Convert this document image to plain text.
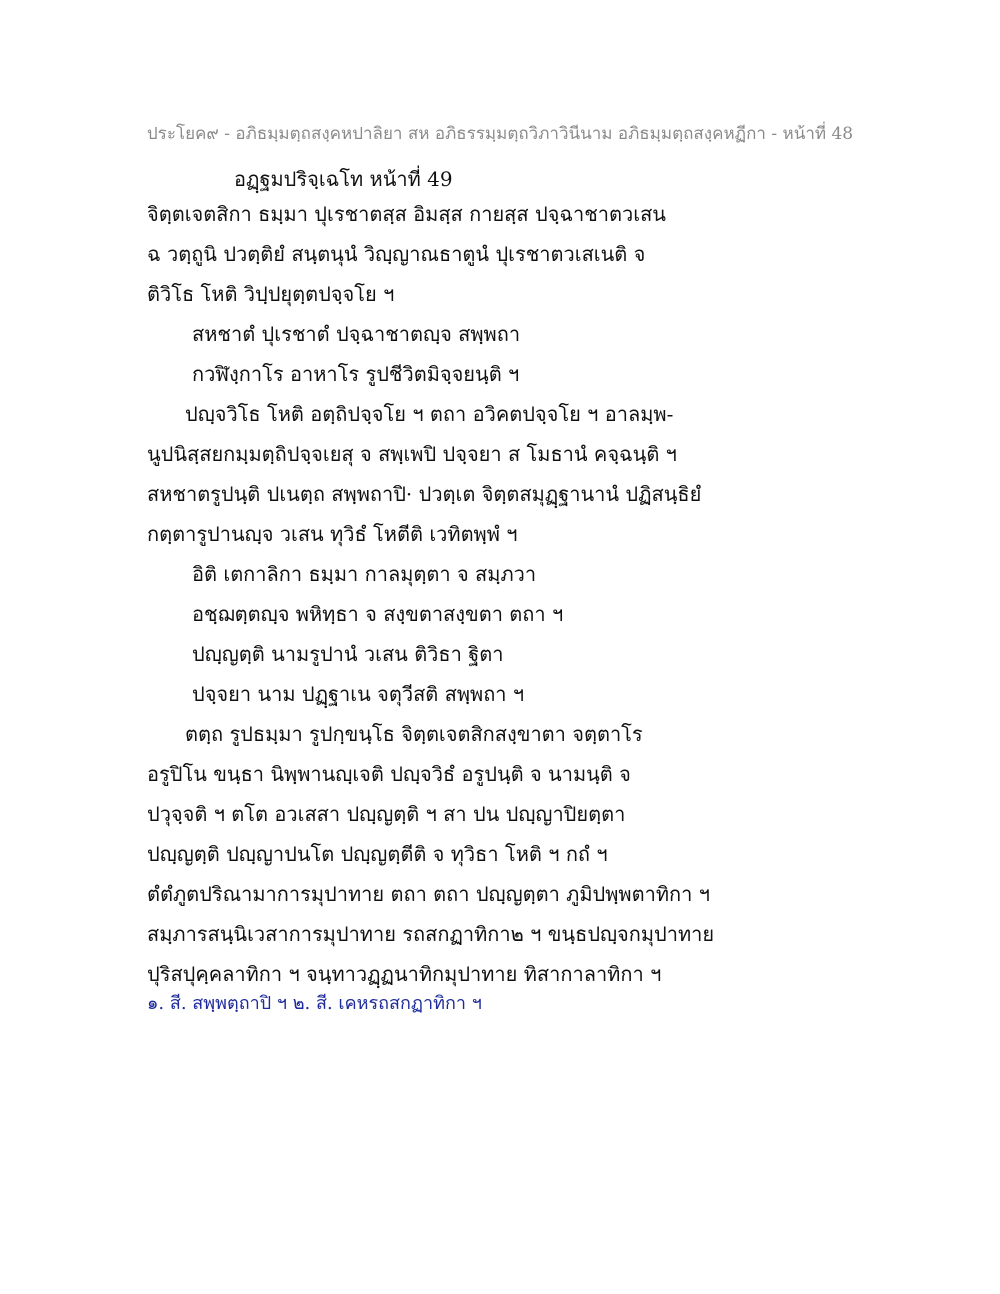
ประโยค๙ - อภิธมฺมตฺถสงฺคหปาลิยา สห อภิธรรมฺมตฺถวิภาวินีนาม อภิธมฺมตฺถสงฺคหฏีกา - หน้าที่ 48
อฏฺฐมปริจฺเฉโท หน้าที่ 49
จิตฺตเจตสิกา ธมฺมา ปุเรชาตสฺส อิมสฺส กายสฺส ปจฺฉาชาตวเสน
ฉ วตฺถูนิ ปวตฺติยํ สนฺตนุนํ วิญฺญาณธาตูนํ ปุเรชาตวเสเนติ จ
ติวิโธ โหติ วิปฺปยุตฺตปจฺจโย ฯ
สหชาตํ ปุเรชาตํ ปจฺฉาชาตญฺจ สพฺพถา
กวฬิงฺกาโร อาหาโร รูปชีวิตมิจฺจยนฺติ ฯ
ปญฺจวิโธ โหติ อตฺถิปจฺจโย ฯ ตถา อวิคตปจฺจโย ฯ อาลมฺพ-
นูปนิสฺสยกมฺมตฺถิปจฺจเยสุ จ สพฺเพปิ ปจฺจยา ส โมธานํ คจฺฉนฺติ ฯ
สหชาตรูปนฺติ ปเนตฺถ สพฺพถาปิ· ปวตฺเต จิตฺตสมุฏฺฐานานํ ปฏิสนฺธิยํ
กตฺตารูปานญฺจ วเสน ทุวิธํ โหตีติ เวทิตพฺพํ ฯ
อิติ เตกาลิกา ธมฺมา กาลมุตฺตา จ สมฺภวา
อชฺฌตฺตญฺจ พหิทฺธา จ สงฺขตาสงฺขตา ตถา ฯ
ปญฺญตฺติ นามรูปานํ วเสน ติวิธา ฐิตา
ปจฺจยา นาม ปฏฺฐาเน จตุวีสติ สพฺพถา ฯ
ตตฺถ รูปธมฺมา รูปกฺขนฺโธ จิตฺตเจตสิกสงฺขาตา จตฺตาโร
อรูปิโน ขนฺธา นิพฺพานญฺเจติ ปญฺจวิธํ อรูปนฺติ จ นามนฺติ จ
ปวุจฺจติ ฯ ตโต อวเสสา ปญฺญตฺติ ฯ สา ปน ปญฺญาปิยตฺตา
ปญฺญตฺติ ปญฺญาปนโต ปญฺญตฺตีติ จ ทุวิธา โหติ ฯ กถํ ฯ
ตํตํภูตปริณามาการมุปาทาย ตถา ตถา ปญฺญตฺตา ภูมิปพฺพตาทิกา ฯ
สมฺภารสนฺนิเวสาการมุปาทาย รถสกฏาทิกา๒ ฯ ขนฺธปญฺจกมุปาทาย
ปุริสปุคฺคลาทิกา ฯ จนฺทาวฏฺฏนาทิกมุปาทาย ทิสากาลาทิกา ฯ
๑. สี. สพฺพตฺถาปิ ฯ ๒. สี. เคหรถสกฏาทิกา ฯ
